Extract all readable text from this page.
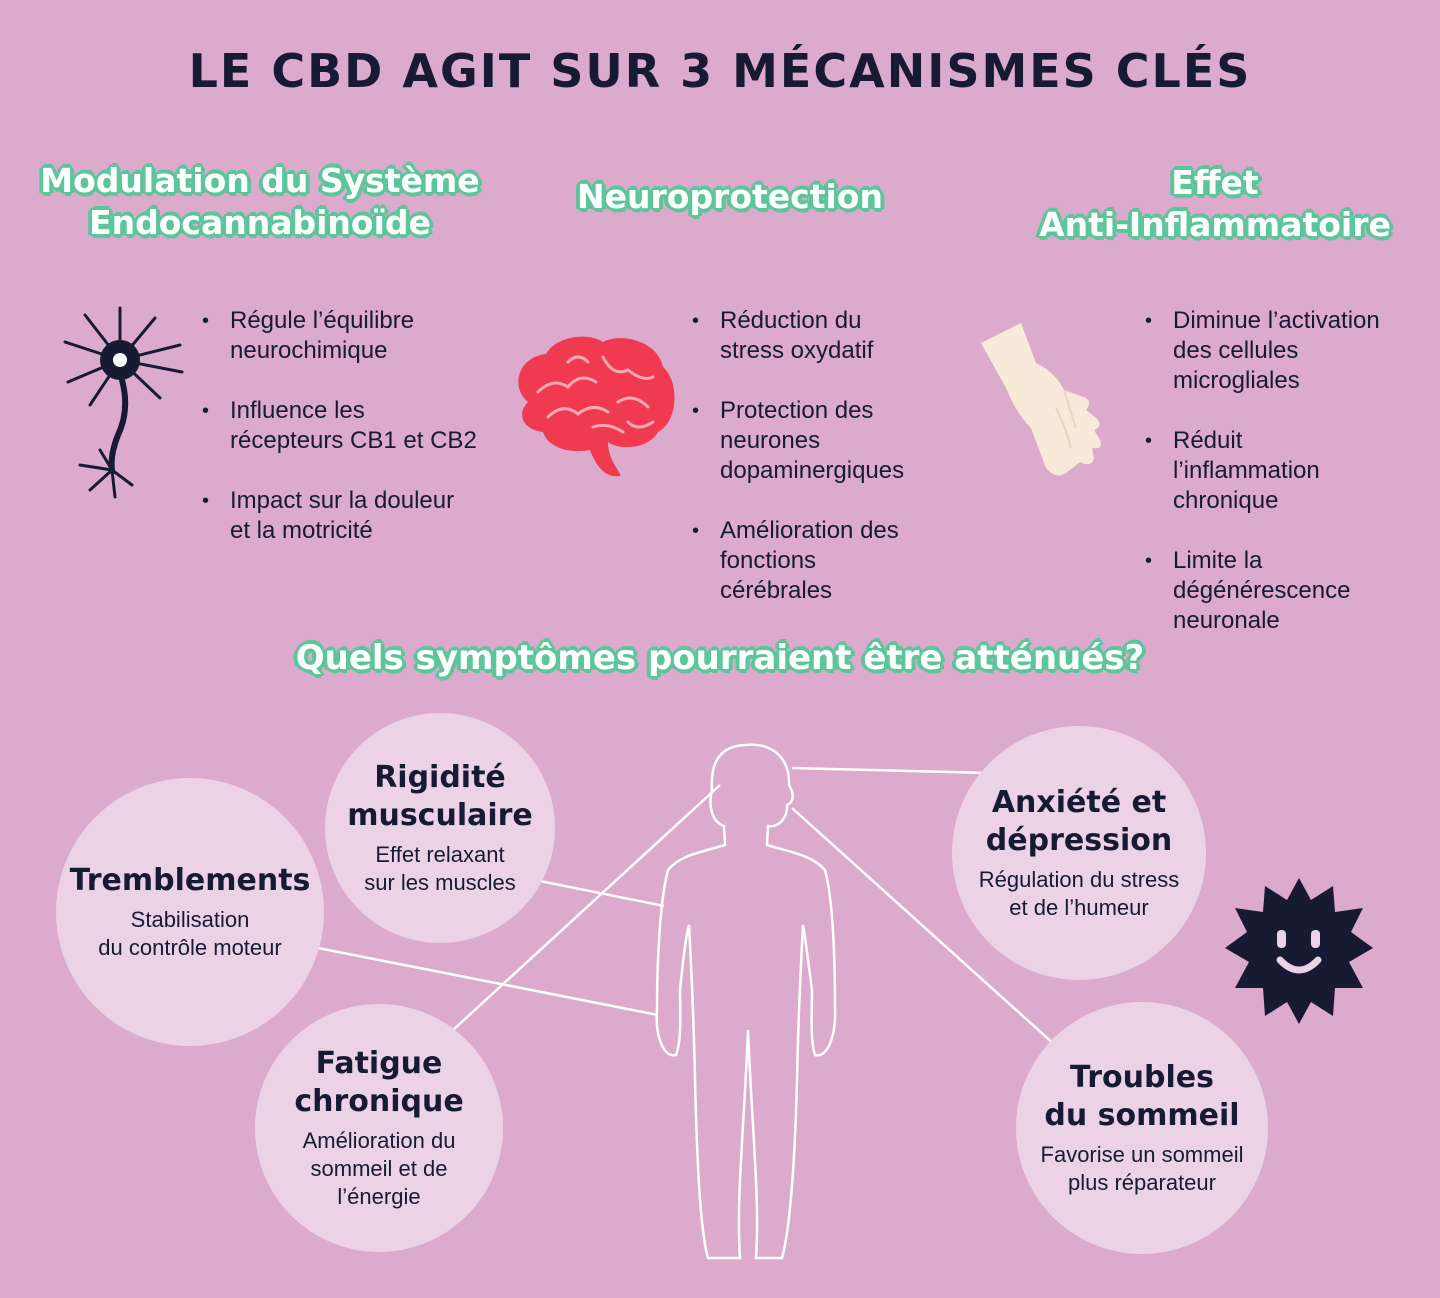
LE CBD AGIT SUR 3 MÉCANISMES CLÉS
Modulation du Système
Endocannabinoïde
Neuroprotection	Effet
Anti-Inflammatoire
• Régule l’équilibre
neurochimique
• Influence les
récepteurs CB1 et CB2
• Impact sur la douleur
et la motricité
• Réduction du
stress oxydatif
• Protection des
neurones
dopaminergiques
• Amélioration des
fonctions
cérébrales
• Diminue l’activation
des cellules
microgliales
• Réduit
l’inflammation
chronique
• Limite la
dégénérescence
neuronale
Quels symptômes pourraient être atténués?
Rigidité
musculaire
Effet relaxant
sur les muscles
Tremblements
Stabilisation
du contrôle moteur
Fatigue
chronique
Amélioration du
sommeil et de
l’énergie
Anxiété et
dépression
Régulation du stress
et de l’humeur
Troubles
du sommeil
Favorise un sommeil
plus réparateur
